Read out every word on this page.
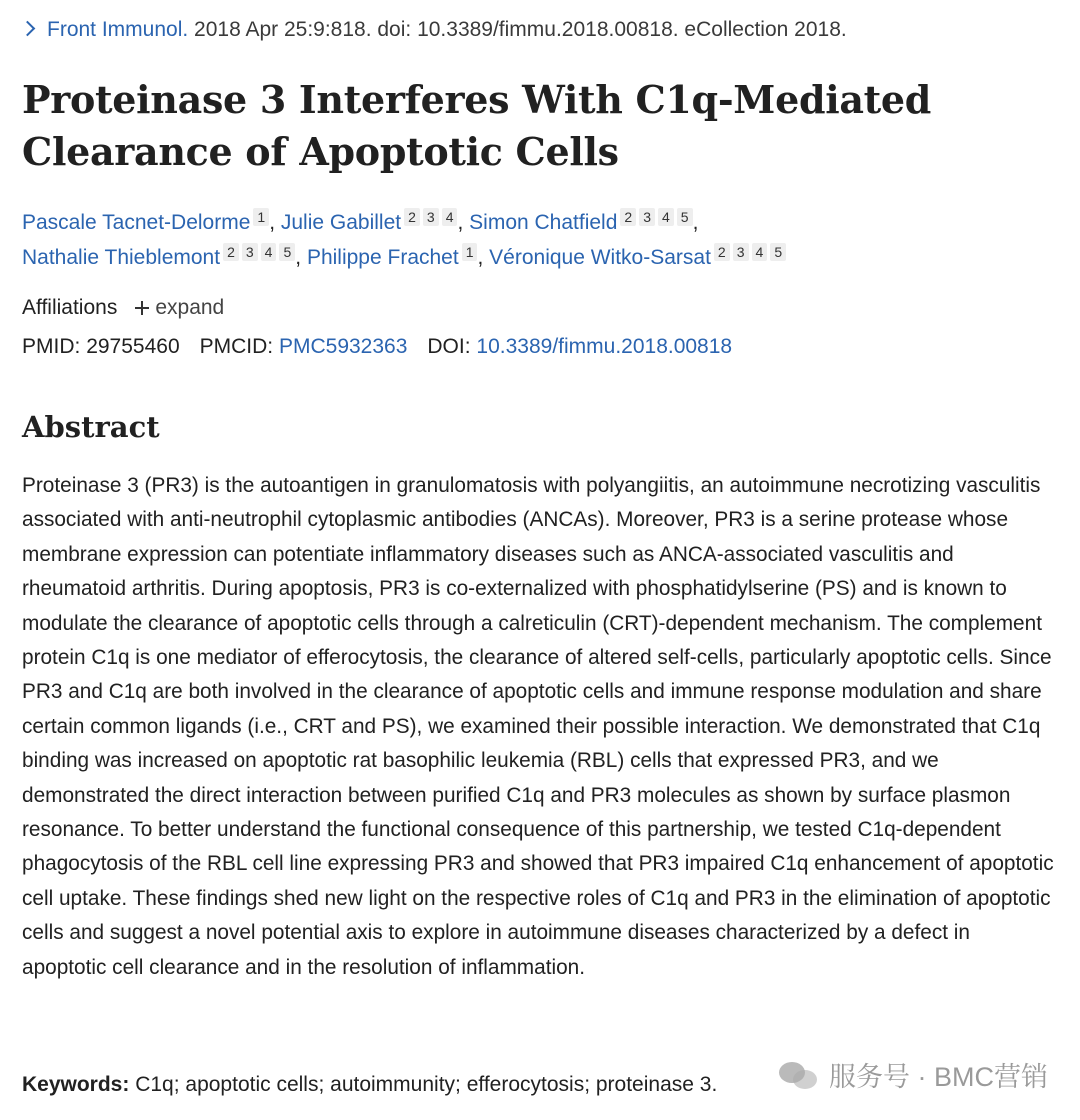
Front Immunol. 2018 Apr 25:9:818. doi: 10.3389/fimmu.2018.00818. eCollection 2018.
Proteinase 3 Interferes With C1q-Mediated Clearance of Apoptotic Cells
Pascale Tacnet-Delorme 1 , Julie Gabillet 2 3 4 , Simon Chatfield 2 3 4 5 ,
Nathalie Thieblemont 2 3 4 5 , Philippe Frachet 1 , Véronique Witko-Sarsat 2 3 4 5
Affiliations expand
PMID: 29755460 PMCID: PMC5932363 DOI: 10.3389/fimmu.2018.00818
Abstract

Proteinase 3 (PR3) is the autoantigen in granulomatosis with polyangiitis, an autoimmune necrotizing vasculitis associated with anti-neutrophil cytoplasmic antibodies (ANCAs). Moreover, PR3 is a serine protease whose membrane expression can potentiate inflammatory diseases such as ANCA-associated vasculitis and rheumatoid arthritis. During apoptosis, PR3 is co-externalized with phosphatidylserine (PS) and is known to modulate the clearance of apoptotic cells through a calreticulin (CRT)-dependent mechanism. The complement protein C1q is one mediator of efferocytosis, the clearance of altered self-cells, particularly apoptotic cells. Since PR3 and C1q are both involved in the clearance of apoptotic cells and immune response modulation and share certain common ligands (i.e., CRT and PS), we examined their possible interaction. We demonstrated that C1q binding was increased on apoptotic rat basophilic leukemia (RBL) cells that expressed PR3, and we demonstrated the direct interaction between purified C1q and PR3 molecules as shown by surface plasmon resonance. To better understand the functional consequence of this partnership, we tested C1q-dependent phagocytosis of the RBL cell line expressing PR3 and showed that PR3 impaired C1q enhancement of apoptotic cell uptake. These findings shed new light on the respective roles of C1q and PR3 in the elimination of apoptotic cells and suggest a novel potential axis to explore in autoimmune diseases characterized by a defect in apoptotic cell clearance and in the resolution of inflammation.

Keywords: C1q; apoptotic cells; autoimmunity; efferocytosis; proteinase 3.	服务号 · BMC营销
